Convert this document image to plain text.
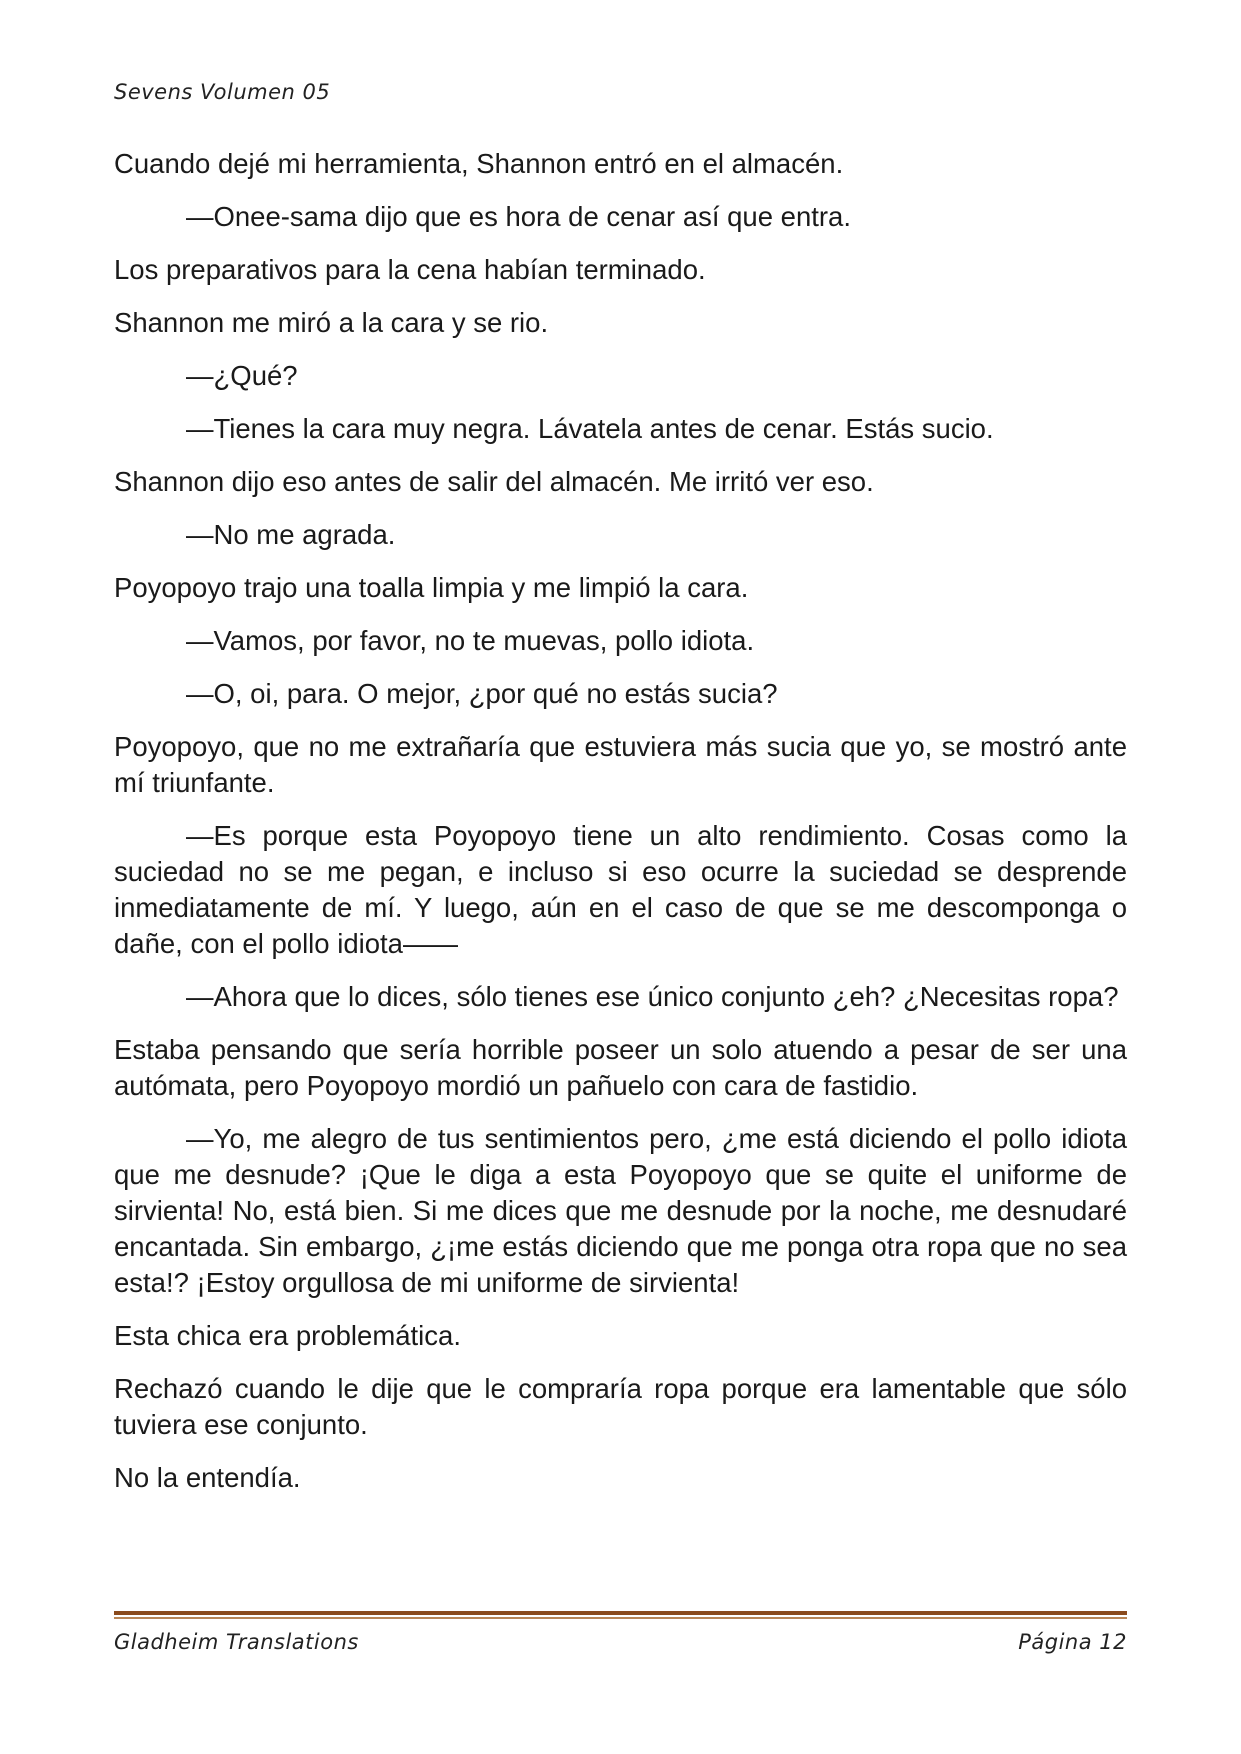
Sevens Volumen 05

Cuando dejé mi herramienta, Shannon entró en el almacén.

—Onee-sama dijo que es hora de cenar así que entra.

Los preparativos para la cena habían terminado.

Shannon me miró a la cara y se rio.

—¿Qué?

—Tienes la cara muy negra. Lávatela antes de cenar. Estás sucio.

Shannon dijo eso antes de salir del almacén. Me irritó ver eso.

—No me agrada.

Poyopoyo trajo una toalla limpia y me limpió la cara.

—Vamos, por favor, no te muevas, pollo idiota.

—O, oi, para. O mejor, ¿por qué no estás sucia?

Poyopoyo, que no me extrañaría que estuviera más sucia que yo, se mostró ante mí triunfante.

—Es porque esta Poyopoyo tiene un alto rendimiento. Cosas como la suciedad no se me pegan, e incluso si eso ocurre la suciedad se desprende inmediatamente de mí. Y luego, aún en el caso de que se me descomponga o dañe, con el pollo idiota——

—Ahora que lo dices, sólo tienes ese único conjunto ¿eh? ¿Necesitas ropa?

Estaba pensando que sería horrible poseer un solo atuendo a pesar de ser una autómata, pero Poyopoyo mordió un pañuelo con cara de fastidio.

—Yo, me alegro de tus sentimientos pero, ¿me está diciendo el pollo idiota que me desnude? ¡Que le diga a esta Poyopoyo que se quite el uniforme de sirvienta! No, está bien. Si me dices que me desnude por la noche, me desnudaré encantada. Sin embargo, ¿¡me estás diciendo que me ponga otra ropa que no sea esta!? ¡Estoy orgullosa de mi uniforme de sirvienta!

Esta chica era problemática.

Rechazó cuando le dije que le compraría ropa porque era lamentable que sólo tuviera ese conjunto.

No la entendía.

Gladheim Translations	Página 12
